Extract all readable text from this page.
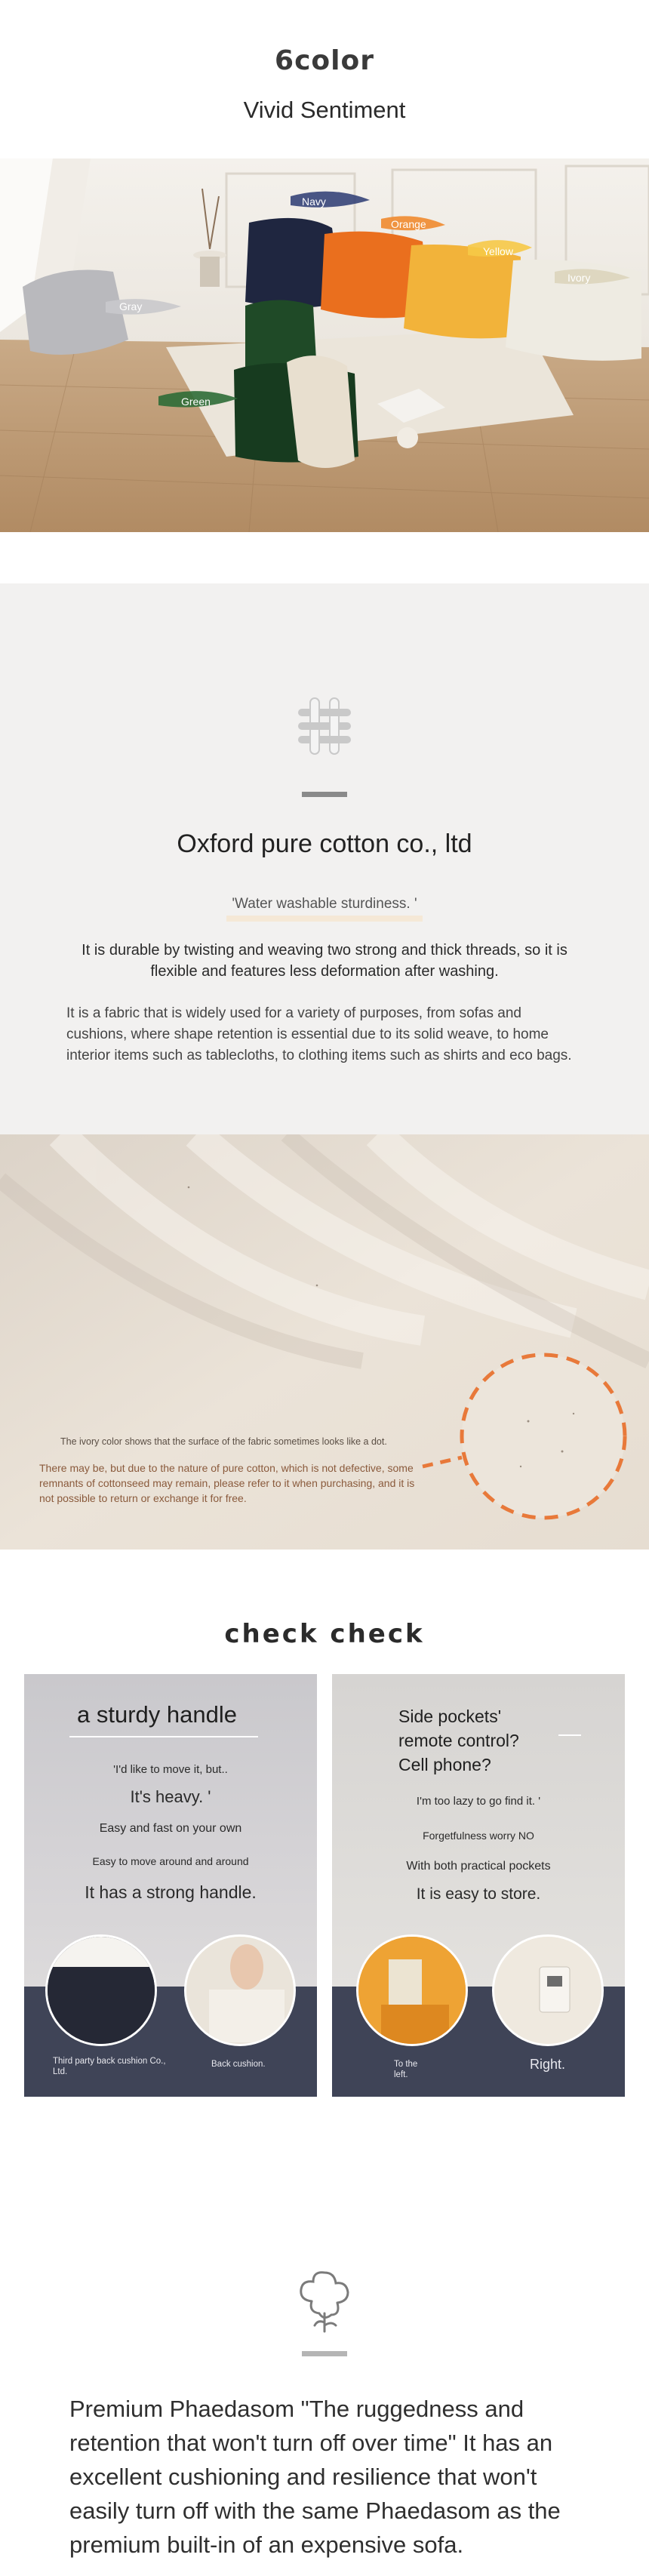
6color
Vivid Sentiment
Navy
Orange
Yellow
Ivory
Gray
Green
Oxford pure cotton co., ltd
'Water washable sturdiness. '
It is durable by twisting and weaving two strong and thick threads, so it is flexible and features less deformation after washing.
It is a fabric that is widely used for a variety of purposes, from sofas and cushions, where shape retention is essential due to its solid weave, to home interior items such as tablecloths, to clothing items such as shirts and eco bags.
The ivory color shows that the surface of the fabric sometimes looks like a dot.
There may be, but due to the nature of pure cotton, which is not defective, some remnants of cottonseed may remain, please refer to it when purchasing, and it is not possible to return or exchange it for free.
check check
a sturdy handle
'I'd like to move it, but..
It's heavy. '
Easy and fast on your own
Easy to move around and around
It has a strong handle.
Third party back cushion Co., Ltd.
Back cushion.
Side pockets'
remote control?
Cell phone?
I'm too lazy to go find it. '
Forgetfulness worry NO
With both practical pockets
It is easy to store.
To the
left.
Right.
Premium Phaedasom "The ruggedness and retention that won't turn off over time" It has an excellent cushioning and resilience that won't easily turn off with the same Phaedasom as the premium built-in of an expensive sofa.
